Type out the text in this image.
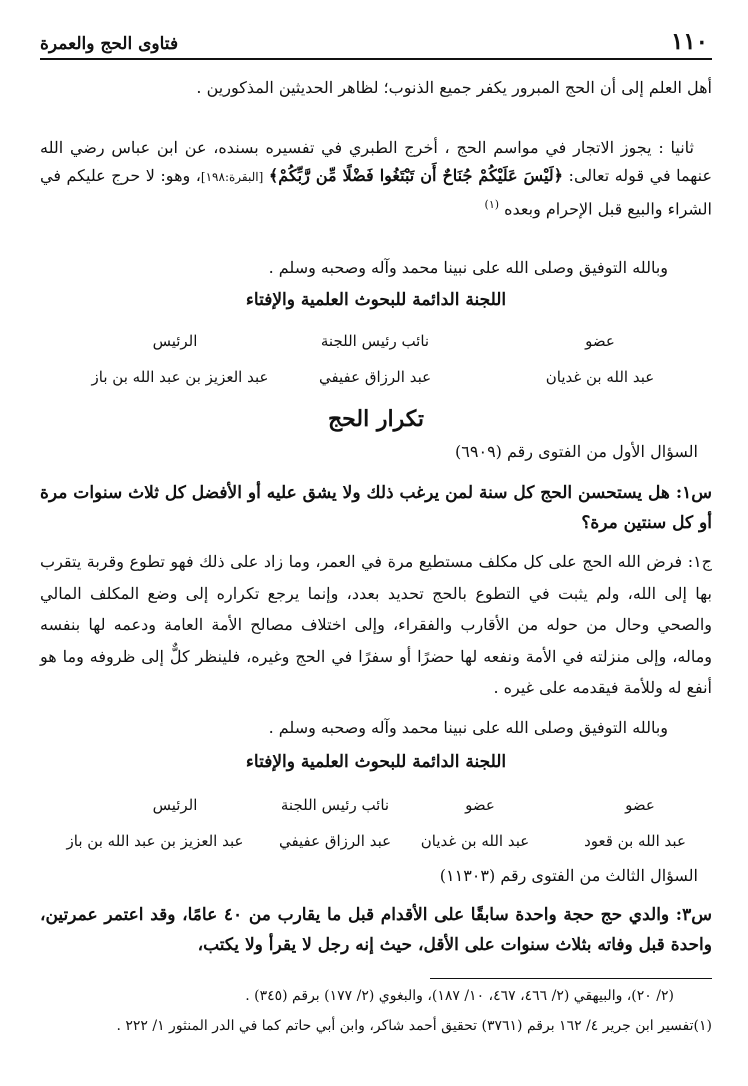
١١٠
فتاوى الحج والعمرة
أهل العلم إلى أن الحج المبرور يكفر جميع الذنوب؛ لظاهر الحديثين المذكورين .
ثانيا : يجوز الاتجار في مواسم الحج ، أخرج الطبري في تفسيره بسنده، عن ابن عباس رضي الله عنهما في قوله تعالى: ﴿لَيْسَ عَلَيْكُمْ جُنَاحٌ أَن تَبْتَغُوا فَضْلًا مِّن رَّبِّكُمْ﴾ [البقرة:١٩٨]، وهو: لا حرج عليكم في الشراء والبيع قبل الإحرام وبعده $^{(١)}$
وبالله التوفيق وصلى الله على نبينا محمد وآله وصحبه وسلم .
اللجنة الدائمة للبحوث العلمية والإفتاء
الرئيس	نائب رئيس اللجنة	عضو
عبد العزيز بن عبد الله بن باز	عبد الرزاق عفيفي	عبد الله بن غديان
تكرار الحج
السؤال الأول من الفتوى رقم (٦٩٠٩)
س١: هل يستحسن الحج كل سنة لمن يرغب ذلك ولا يشق عليه أو الأفضل كل ثلاث سنوات مرة أو كل سنتين مرة؟
ج١: فرض الله الحج على كل مكلف مستطيع مرة في العمر، وما زاد على ذلك فهو تطوع وقربة يتقرب بها إلى الله، ولم يثبت في التطوع بالحج تحديد بعدد، وإنما يرجع تكراره إلى وضع المكلف المالي والصحي وحال من حوله من الأقارب والفقراء، وإلى اختلاف مصالح الأمة العامة ودعمه لها بنفسه وماله، وإلى منزلته في الأمة ونفعه لها حضرًا أو سفرًا في الحج وغيره، فلينظر كلٌّ إلى ظروفه وما هو أنفع له وللأمة فيقدمه على غيره .
وبالله التوفيق وصلى الله على نبينا محمد وآله وصحبه وسلم .
اللجنة الدائمة للبحوث العلمية والإفتاء
الرئيس	نائب رئيس اللجنة	عضو	عضو
عبد العزيز بن عبد الله بن باز	عبد الرزاق عفيفي	عبد الله بن غديان	عبد الله بن قعود
السؤال الثالث من الفتوى رقم (١١٣٠٣)
س٣: والدي حج حجة واحدة سابقًا على الأقدام قبل ما يقارب من ٤٠ عامًا، وقد اعتمر عمرتين، واحدة قبل وفاته بثلاث سنوات على الأقل، حيث إنه رجل لا يقرأ ولا يكتب،
(٢/ ٢٠)، والبيهقي (٢/ ٤٦٦، ٤٦٧، ١٠/ ١٨٧)، والبغوي (٢/ ١٧٧) برقم (٣٤٥) .
(١)تفسير ابن جرير ٤/ ١٦٢ برقم (٣٧٦١) تحقيق أحمد شاكر، وابن أبي حاتم كما في الدر المنثور ١/ ٢٢٢ .
